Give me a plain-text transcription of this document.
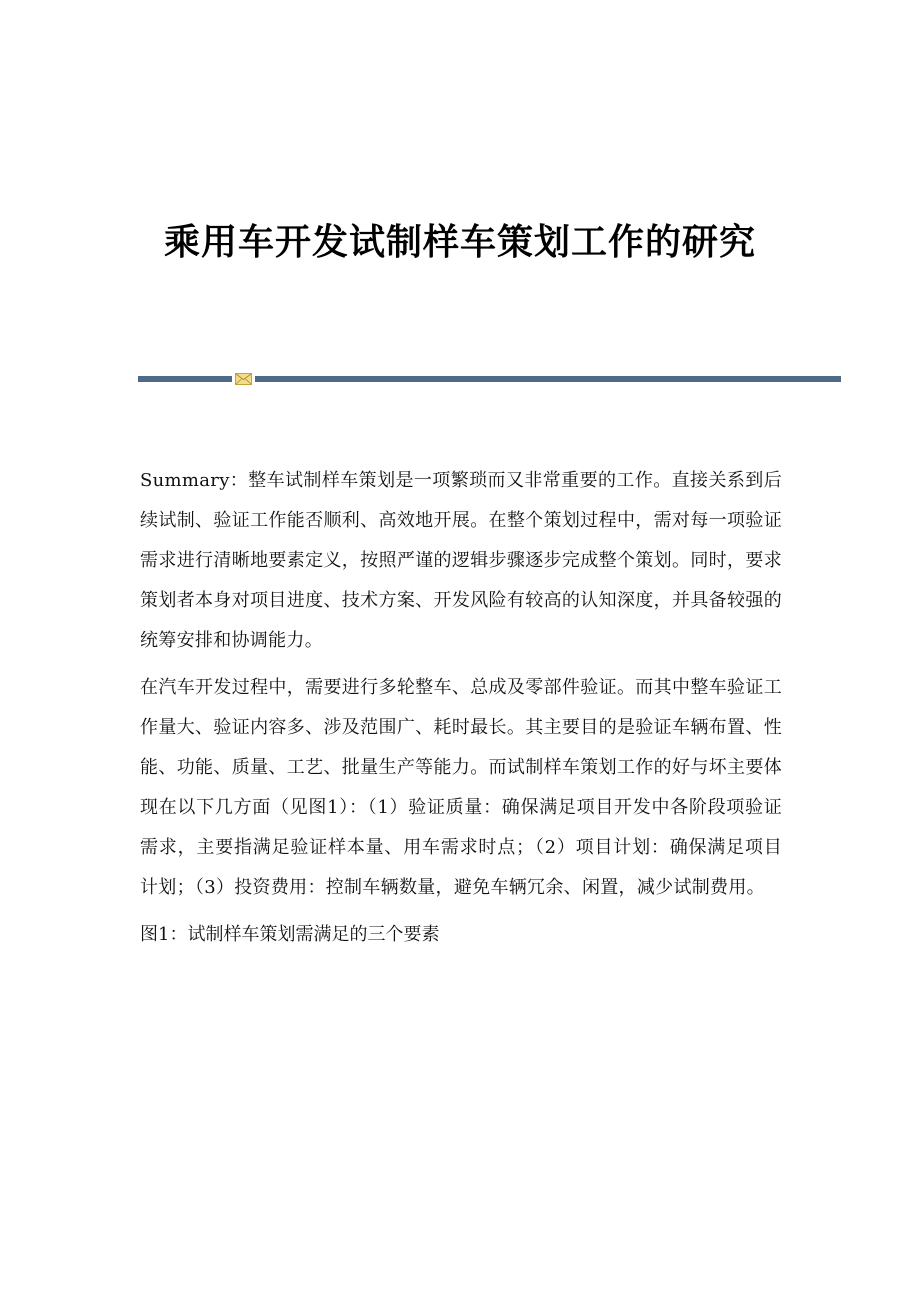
乘用车开发试制样车策划工作的研究

Summary：整车试制样车策划是一项繁琐而又非常重要的工作。直接关系到后续试制、验证工作能否顺利、高效地开展。在整个策划过程中，需对每一项验证需求进行清晰地要素定义，按照严谨的逻辑步骤逐步完成整个策划。同时，要求策划者本身对项目进度、技术方案、开发风险有较高的认知深度，并具备较强的统筹安排和协调能力。

在汽车开发过程中，需要进行多轮整车、总成及零部件验证。而其中整车验证工作量大、验证内容多、涉及范围广、耗时最长。其主要目的是验证车辆布置、性能、功能、质量、工艺、批量生产等能力。而试制样车策划工作的好与坏主要体现在以下几方面（见图1）：（1）验证质量：确保满足项目开发中各阶段项验证需求，主要指满足验证样本量、用车需求时点；（2）项目计划：确保满足项目计划；（3）投资费用：控制车辆数量，避免车辆冗余、闲置，减少试制费用。

图1：试制样车策划需满足的三个要素
